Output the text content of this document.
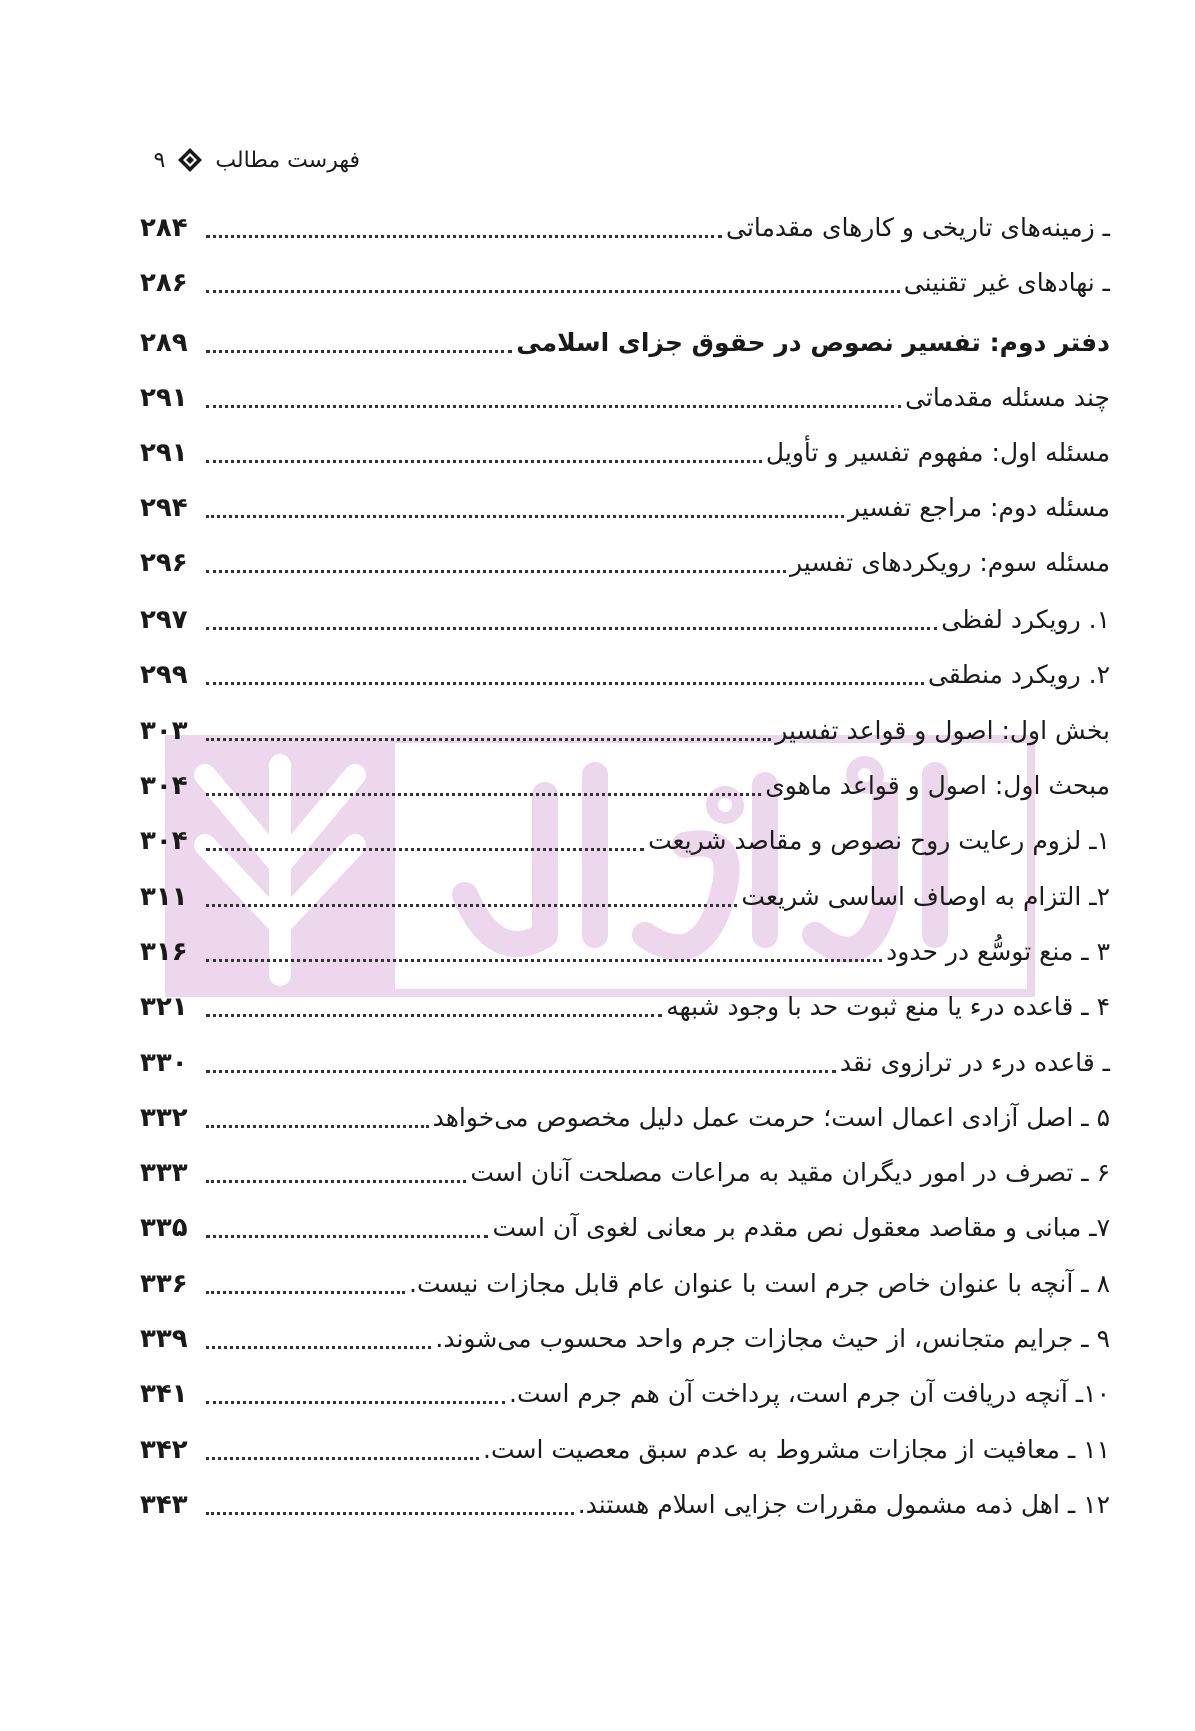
فهرست مطالب
۹
ـ زمینه‌های تاریخی و کارهای مقدماتی
۲۸۴
ـ نهادهای غیر تقنینی
۲۸۶
دفتر دوم: تفسیر نصوص در حقوق جزای اسلامی
۲۸۹
چند مسئله مقدماتی
۲۹۱
مسئله اول: مفهوم تفسیر و تأویل
۲۹۱
مسئله دوم: مراجع تفسیر
۲۹۴
مسئله سوم: رویکردهای تفسیر
۲۹۶
۱. رویکرد لفظی
۲۹۷
۲. رویکرد منطقی
۲۹۹
بخش اول: اصول و قواعد تفسیر
۳۰۳
مبحث اول: اصول و قواعد ماهوی
۳۰۴
۱ـ لزوم رعایت روح نصوص و مقاصد شریعت
۳۰۴
۲ـ التزام به اوصاف اساسی شریعت
۳۱۱
۳ ـ منع توسُّع در حدود
۳۱۶
۴ ـ قاعده درء یا منع ثبوت حد با وجود شبهه
۳۲۱
ـ قاعده درء در ترازوی نقد
۳۳۰
۵ ـ اصل آزادی اعمال است؛ حرمت عمل دلیل مخصوص می‌خواهد
۳۳۲
۶ ـ تصرف در امور دیگران مقید به مراعات مصلحت آنان است
۳۳۳
۷ـ مبانی و مقاصد معقول نص مقدم بر معانی لغوی آن است
۳۳۵
۸ ـ آنچه با عنوان خاص جرم است با عنوان عام قابل مجازات نیست.
۳۳۶
۹ ـ جرایم متجانس، از حیث مجازات جرم واحد محسوب می‌شوند.
۳۳۹
۱۰ـ آنچه دریافت آن جرم است، پرداخت آن هم جرم است.
۳۴۱
۱۱ ـ معافیت از مجازات مشروط به عدم سبق معصیت است.
۳۴۲
۱۲ ـ اهل ذمه مشمول مقررات جزایی اسلام هستند.
۳۴۳
